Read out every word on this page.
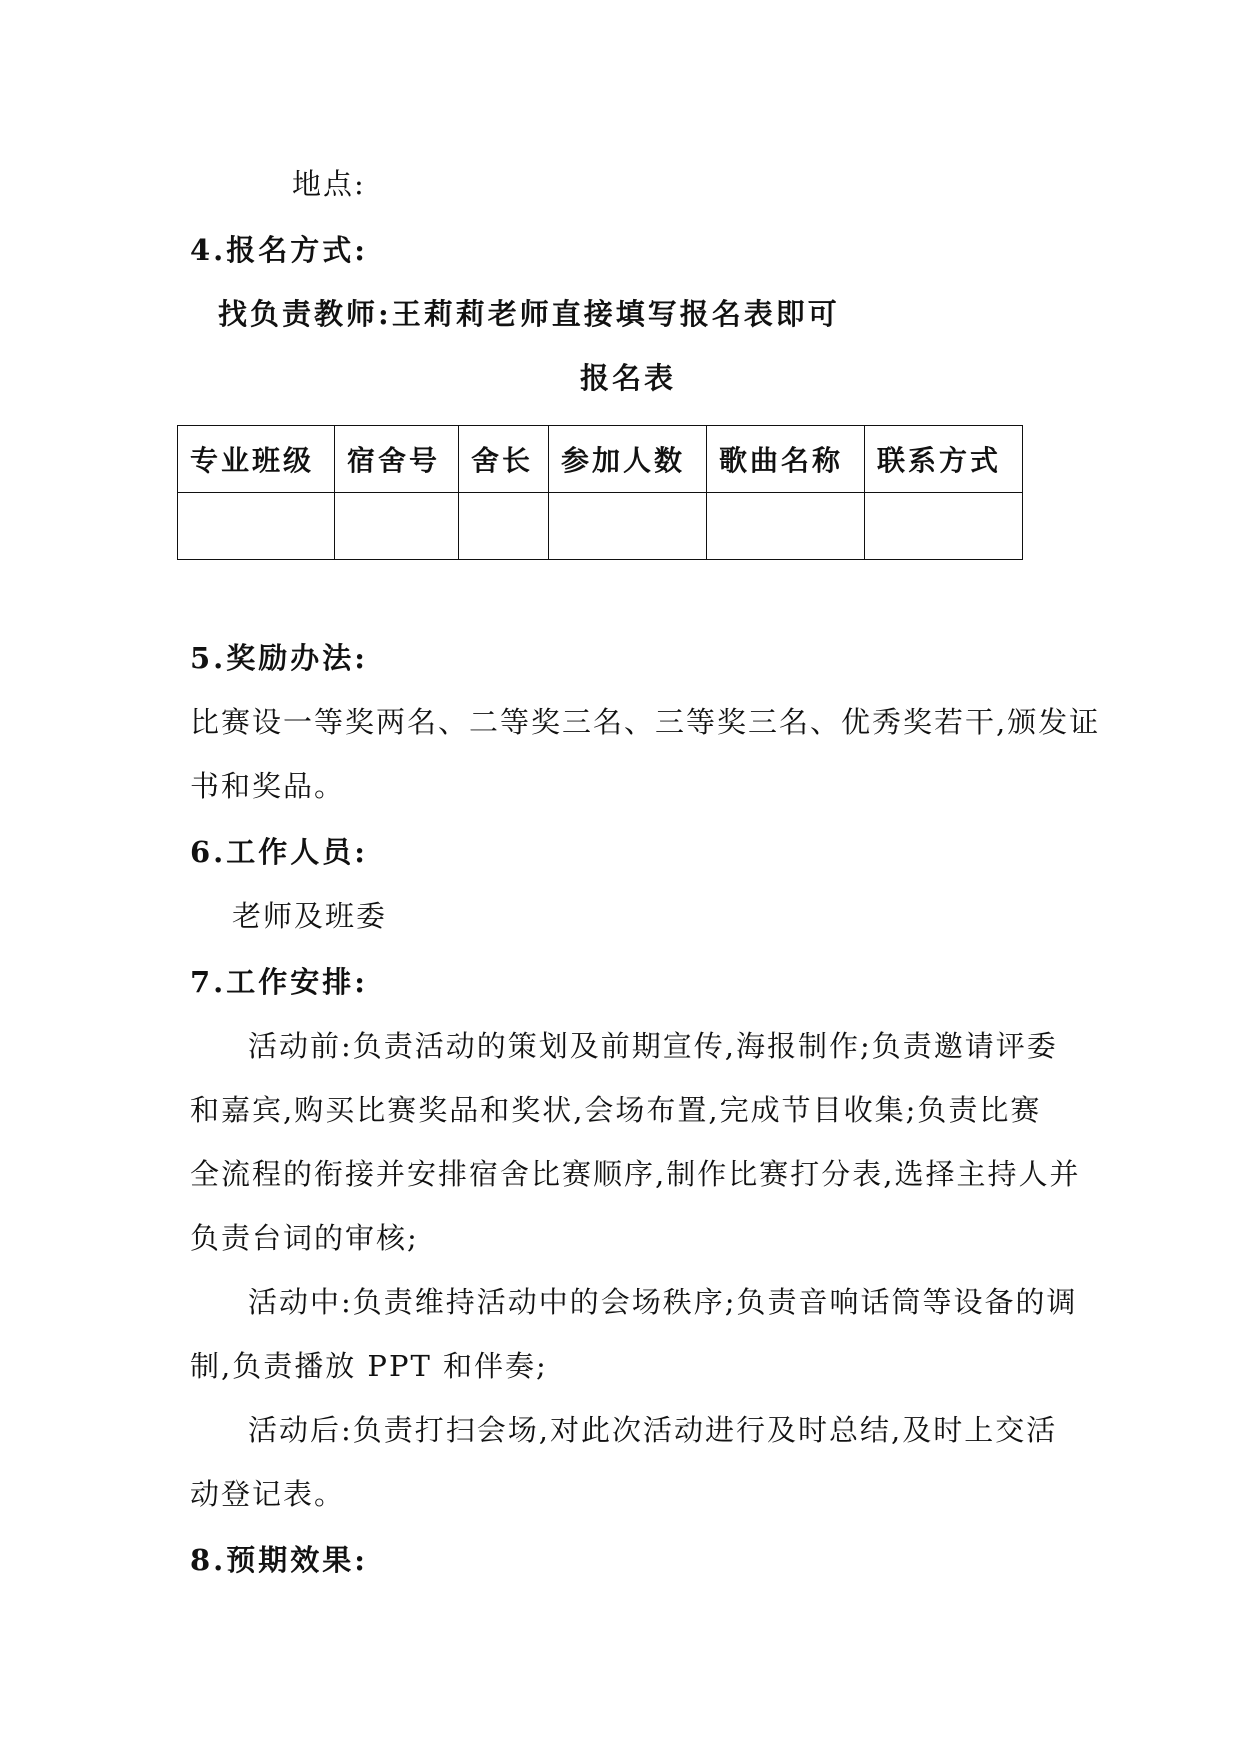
地点:
4.报名方式:
找负责教师:王莉莉老师直接填写报名表即可
报名表
专业班级	宿舍号	舍长	参加人数	歌曲名称	联系方式

5.奖励办法:
比赛设一等奖两名、二等奖三名、三等奖三名、优秀奖若干,颁发证
书和奖品。
6.工作人员:
老师及班委
7.工作安排:
活动前:负责活动的策划及前期宣传,海报制作;负责邀请评委
和嘉宾,购买比赛奖品和奖状,会场布置,完成节目收集;负责比赛
全流程的衔接并安排宿舍比赛顺序,制作比赛打分表,选择主持人并
负责台词的审核;
活动中:负责维持活动中的会场秩序;负责音响话筒等设备的调
制,负责播放 PPT 和伴奏;
活动后:负责打扫会场,对此次活动进行及时总结,及时上交活
动登记表。
8.预期效果:
